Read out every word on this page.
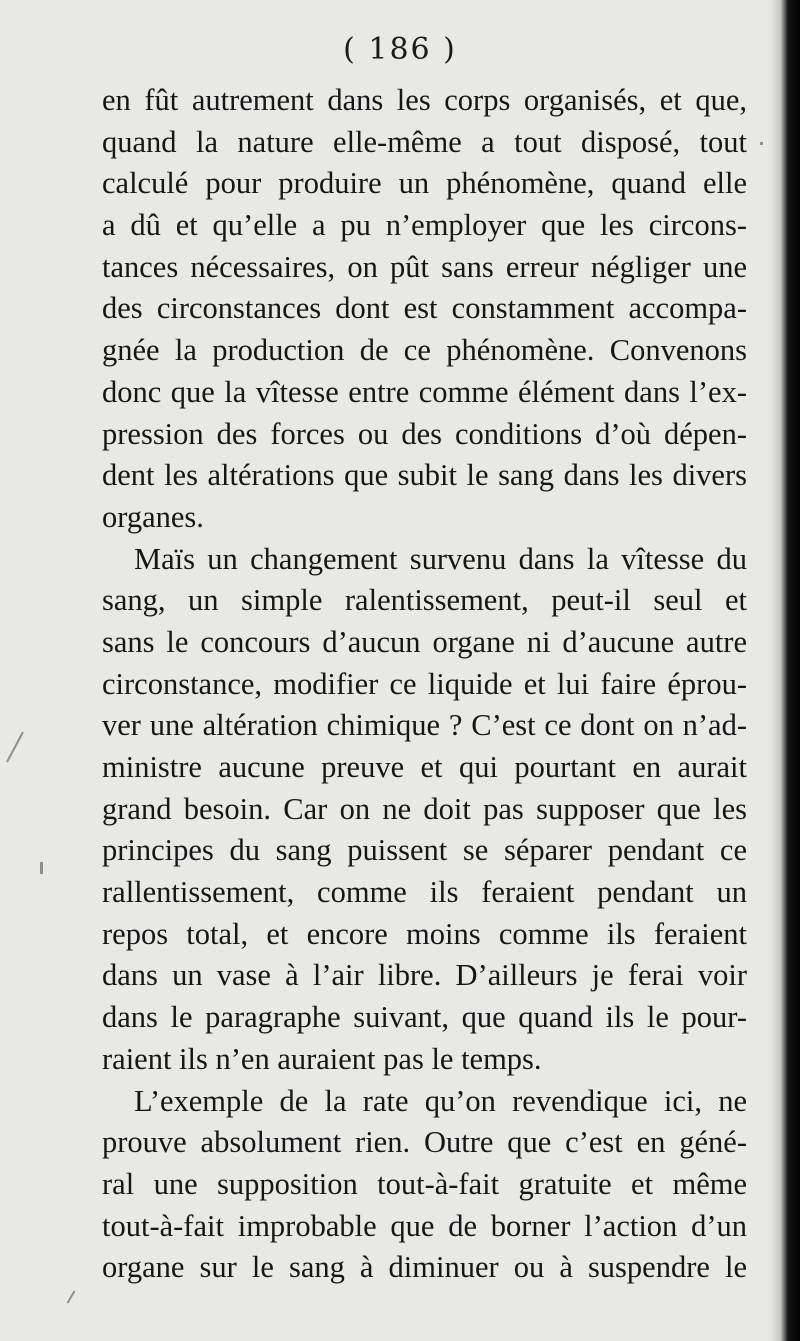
( 186 )
en fût autrement dans les corps organisés, et que,
quand la nature elle-même a tout disposé, tout
calculé pour produire un phénomène, quand elle
a dû et qu’elle a pu n’employer que les circons-
tances nécessaires, on pût sans erreur négliger une
des circonstances dont est constamment accompa-
gnée la production de ce phénomène. Convenons
donc que la vîtesse entre comme élément dans l’ex-
pression des forces ou des conditions d’où dépen-
dent les altérations que subit le sang dans les divers
organes.
Maïs un changement survenu dans la vîtesse du
sang, un simple ralentissement, peut-il seul et
sans le concours d’aucun organe ni d’aucune autre
circonstance, modifier ce liquide et lui faire éprou-
ver une altération chimique ? C’est ce dont on n’ad-
ministre aucune preuve et qui pourtant en aurait
grand besoin. Car on ne doit pas supposer que les
principes du sang puissent se séparer pendant ce
rallentissement, comme ils feraient pendant un
repos total, et encore moins comme ils feraient
dans un vase à l’air libre. D’ailleurs je ferai voir
dans le paragraphe suivant, que quand ils le pour-
raient ils n’en auraient pas le temps.
L’exemple de la rate qu’on revendique ici, ne
prouve absolument rien. Outre que c’est en géné-
ral une supposition tout-à-fait gratuite et même
tout-à-fait improbable que de borner l’action d’un
organe sur le sang à diminuer ou à suspendre le
